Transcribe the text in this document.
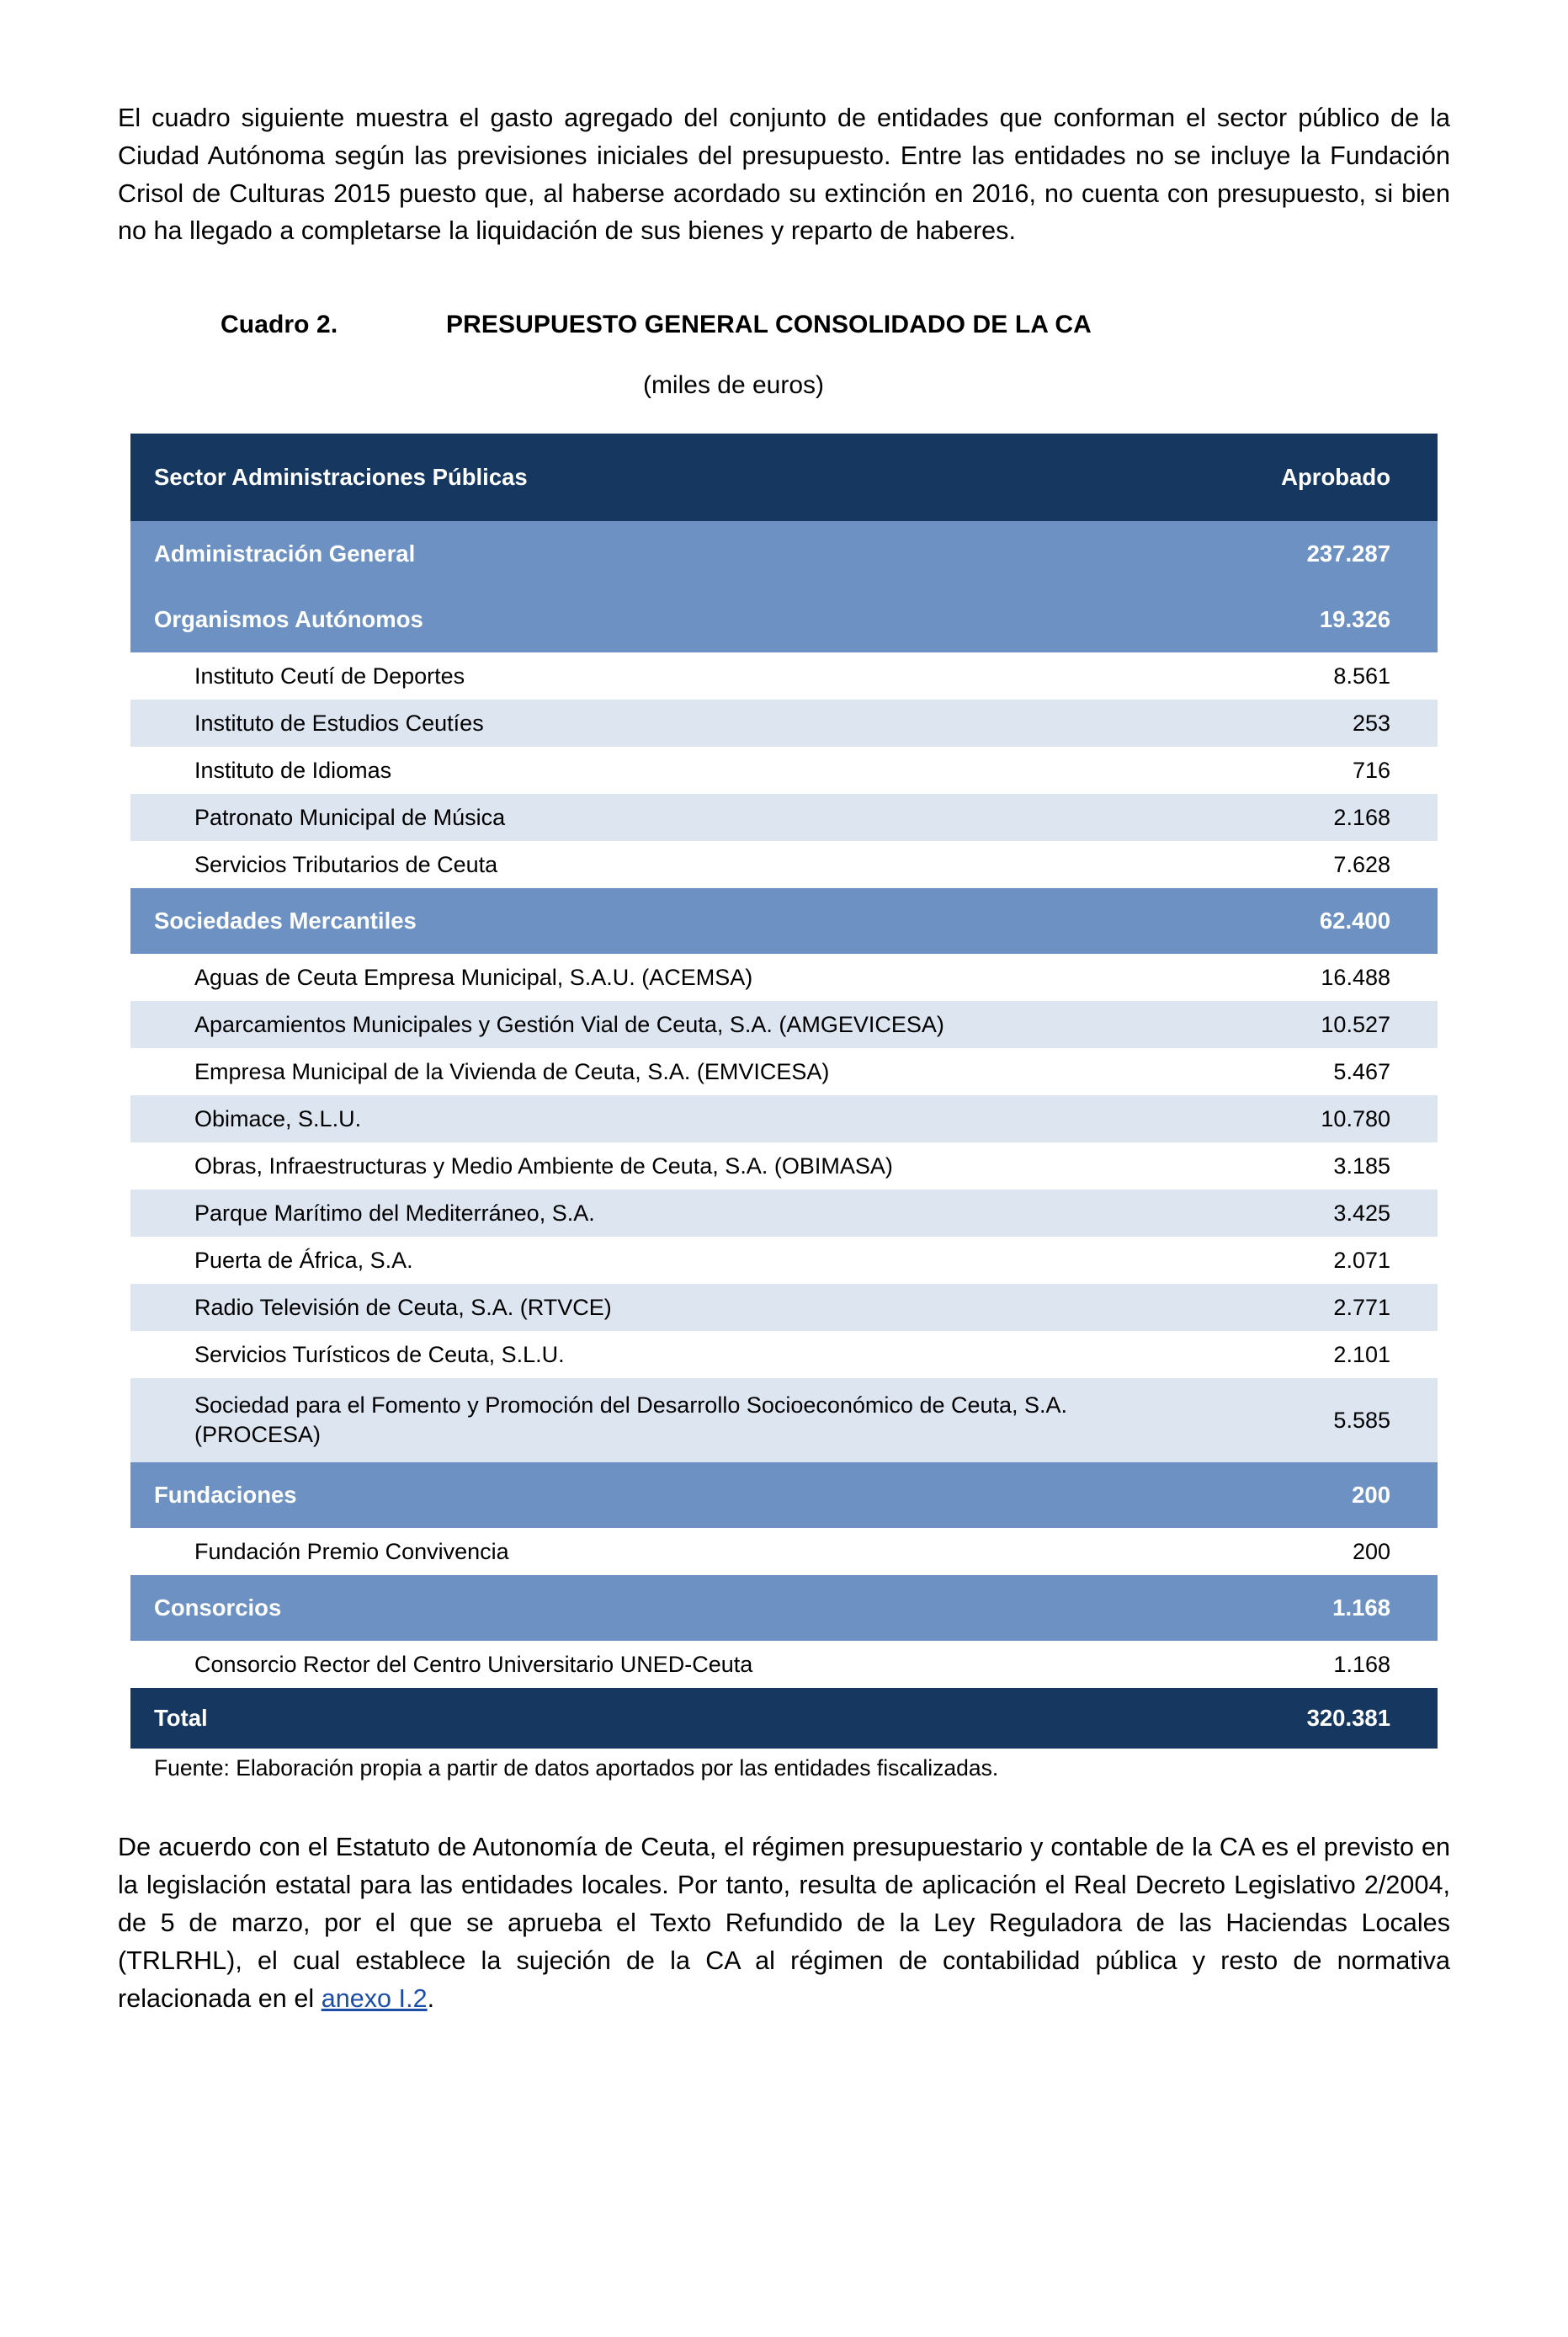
El cuadro siguiente muestra el gasto agregado del conjunto de entidades que conforman el sector público de la Ciudad Autónoma según las previsiones iniciales del presupuesto. Entre las entidades no se incluye la Fundación Crisol de Culturas 2015 puesto que, al haberse acordado su extinción en 2016, no cuenta con presupuesto, si bien no ha llegado a completarse la liquidación de sus bienes y reparto de haberes.

Cuadro 2.	PRESUPUESTO GENERAL CONSOLIDADO DE LA CA
(miles de euros)
Sector Administraciones Públicas	Aprobado
Administración General	237.287
Organismos Autónomos	19.326
Instituto Ceutí de Deportes	8.561
Instituto de Estudios Ceutíes	253
Instituto de Idiomas	716
Patronato Municipal de Música	2.168
Servicios Tributarios de Ceuta	7.628
Sociedades Mercantiles	62.400
Aguas de Ceuta Empresa Municipal, S.A.U. (ACEMSA)	16.488
Aparcamientos Municipales y Gestión Vial de Ceuta, S.A. (AMGEVICESA)	10.527
Empresa Municipal de la Vivienda de Ceuta, S.A. (EMVICESA)	5.467
Obimace, S.L.U.	10.780
Obras, Infraestructuras y Medio Ambiente de Ceuta, S.A. (OBIMASA)	3.185
Parque Marítimo del Mediterráneo, S.A.	3.425
Puerta de África, S.A.	2.071
Radio Televisión de Ceuta, S.A. (RTVCE)	2.771
Servicios Turísticos de Ceuta, S.L.U.	2.101
Sociedad para el Fomento y Promoción del Desarrollo Socioeconómico de Ceuta, S.A. (PROCESA)	5.585
Fundaciones	200
Fundación Premio Convivencia	200
Consorcios	1.168
Consorcio Rector del Centro Universitario UNED-Ceuta	1.168
Total	320.381
Fuente: Elaboración propia a partir de datos aportados por las entidades fiscalizadas.

De acuerdo con el Estatuto de Autonomía de Ceuta, el régimen presupuestario y contable de la CA es el previsto en la legislación estatal para las entidades locales. Por tanto, resulta de aplicación el Real Decreto Legislativo 2/2004, de 5 de marzo, por el que se aprueba el Texto Refundido de la Ley Reguladora de las Haciendas Locales (TRLRHL), el cual establece la sujeción de la CA al régimen de contabilidad pública y resto de normativa relacionada en el anexo I.2.
